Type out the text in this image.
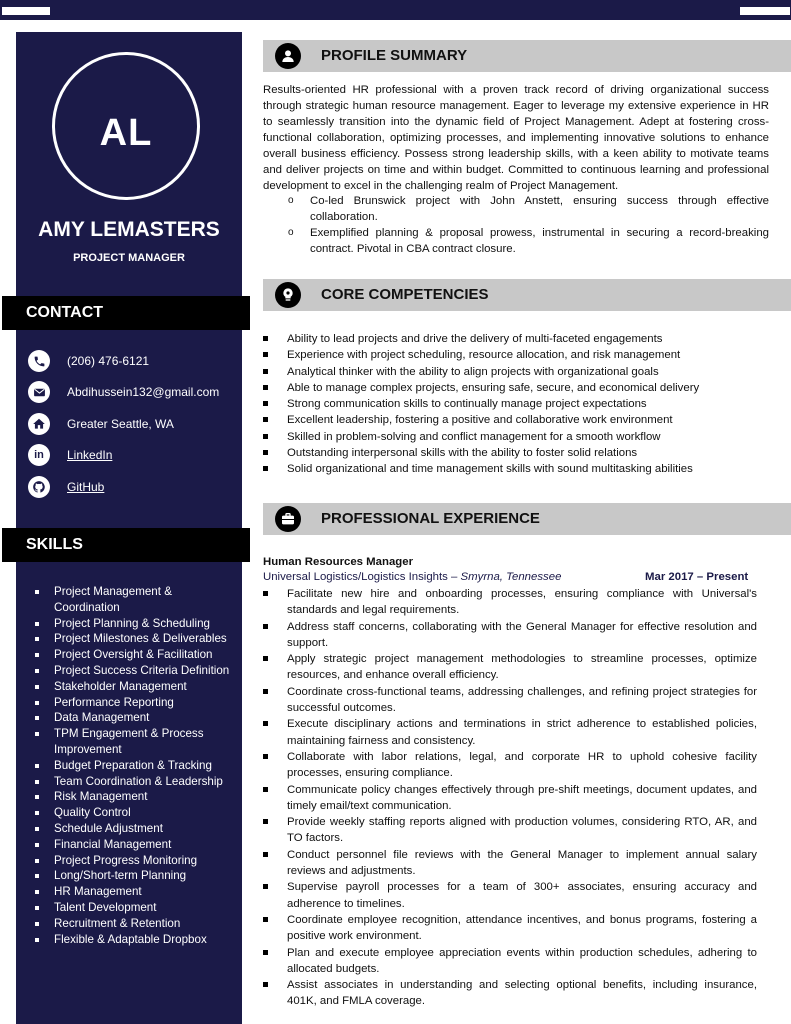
AL
AMY LEMASTERS
PROJECT MANAGER
CONTACT
(206) 476-6121
Abdihussein132@gmail.com
Greater Seattle, WA
in LinkedIn
GitHub
SKILLS
Project Management & Coordination
Project Planning & Scheduling
Project Milestones & Deliverables
Project Oversight & Facilitation
Project Success Criteria Definition
Stakeholder Management
Performance Reporting
Data Management
TPM Engagement & Process Improvement
Budget Preparation & Tracking
Team Coordination & Leadership
Risk Management
Quality Control
Schedule Adjustment
Financial Management
Project Progress Monitoring
Long/Short-term Planning
HR Management
Talent Development
Recruitment & Retention
Flexible & Adaptable Dropbox
PROFILE SUMMARY

Results-oriented HR professional with a proven track record of driving organizational success through strategic human resource management. Eager to leverage my extensive experience in HR to seamlessly transition into the dynamic field of Project Management. Adept at fostering cross-functional collaboration, optimizing processes, and implementing innovative solutions to enhance overall business efficiency. Possess strong leadership skills, with a keen ability to motivate teams and deliver projects on time and within budget. Committed to continuous learning and professional development to excel in the challenging realm of Project Management.

o Co-led Brunswick project with John Anstett, ensuring success through effective collaboration.
o Exemplified planning & proposal prowess, instrumental in securing a record-breaking contract. Pivotal in CBA contract closure.
CORE COMPETENCIES
Ability to lead projects and drive the delivery of multi-faceted engagements
Experience with project scheduling, resource allocation, and risk management
Analytical thinker with the ability to align projects with organizational goals
Able to manage complex projects, ensuring safe, secure, and economical delivery
Strong communication skills to continually manage project expectations
Excellent leadership, fostering a positive and collaborative work environment
Skilled in problem-solving and conflict management for a smooth workflow
Outstanding interpersonal skills with the ability to foster solid relations
Solid organizational and time management skills with sound multitasking abilities
PROFESSIONAL EXPERIENCE
Human Resources Manager
Universal Logistics/Logistics Insights – Smyrna, Tennessee	Mar 2017 – Present
Facilitate new hire and onboarding processes, ensuring compliance with Universal's standards and legal requirements.
Address staff concerns, collaborating with the General Manager for effective resolution and support.
Apply strategic project management methodologies to streamline processes, optimize resources, and enhance overall efficiency.
Coordinate cross-functional teams, addressing challenges, and refining project strategies for successful outcomes.
Execute disciplinary actions and terminations in strict adherence to established policies, maintaining fairness and consistency.
Collaborate with labor relations, legal, and corporate HR to uphold cohesive facility processes, ensuring compliance.
Communicate policy changes effectively through pre-shift meetings, document updates, and timely email/text communication.
Provide weekly staffing reports aligned with production volumes, considering RTO, AR, and TO factors.
Conduct personnel file reviews with the General Manager to implement annual salary reviews and adjustments.
Supervise payroll processes for a team of 300+ associates, ensuring accuracy and adherence to timelines.
Coordinate employee recognition, attendance incentives, and bonus programs, fostering a positive work environment.
Plan and execute employee appreciation events within production schedules, adhering to allocated budgets.
Assist associates in understanding and selecting optional benefits, including insurance, 401K, and FMLA coverage.
